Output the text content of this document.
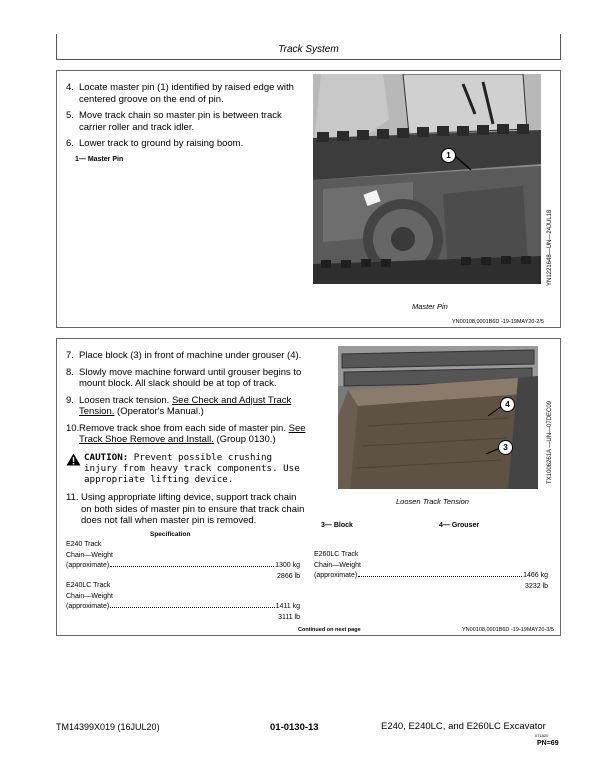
Track System
4. Locate master pin (1) identified by raised edge with centered groove on the end of pin.
5. Move track chain so master pin is between track carrier roller and track idler.
6. Lower track to ground by raising boom.
1— Master Pin	1
Master Pin
YN1221648—UN—24JUL18
YN00108,0001B6D -19-19MAY20-2/5
7. Place block (3) in front of machine under grouser (4).
8. Slowly move machine forward until grouser begins to mount block. All slack should be at top of track.
9. Loosen track tension. See Check and Adjust Track Tension. (Operator's Manual.)
10. Remove track shoe from each side of master pin. See Track Shoe Remove and Install. (Group 0130.)
CAUTION: Prevent possible crushing
injury from heavy track components. Use
appropriate lifting device.
11. Using appropriate lifting device, support track chain on both sides of master pin to ensure that track chain does not fall when master pin is removed.
4
3
Loosen Track Tension
TX1006261A —UN—07DEC09
3— Block	4— Grouser
Specification
E240 Track
Chain—Weight
(approximate)	1300 kg
2866 lb
E240LC Track
Chain—Weight
(approximate)	1411 kg
3111 lb
E260LC Track
Chain—Weight
(approximate)	1466 kg
3232 lb
Continued on next page	YN00108,0001B6D -19-19MAY20-3/5
TM14399X019 (16JUL20)	01-0130-13	E240, E240LC, and E260LC Excavator
071820
PN=69
